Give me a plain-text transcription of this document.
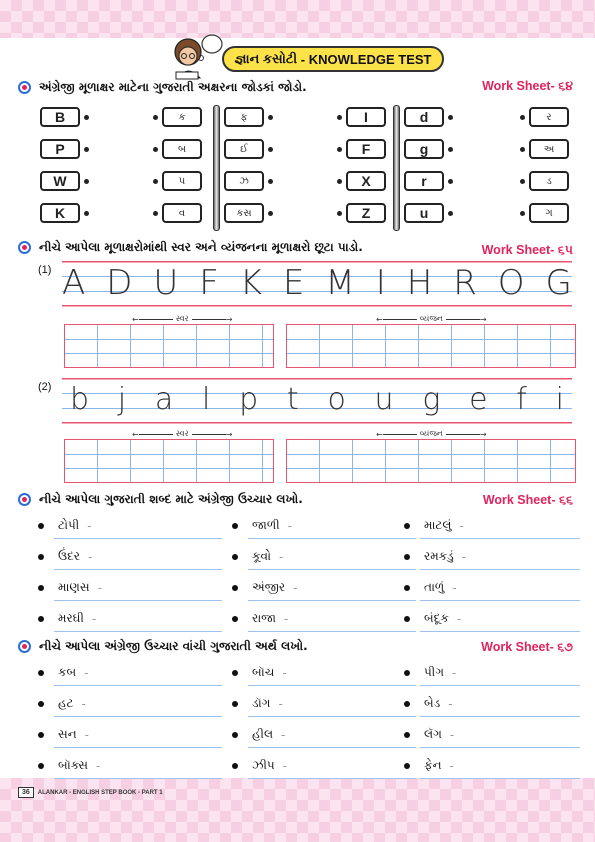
જ્ઞાન કસોટી
- KNOWLEDGE TEST
અંગ્રેજી મૂળાક્ષર માટેના ગુજરાતી અક્ષરના જોડકાં જોડો.	Work Sheet- ૬૪
B
P
W
K
ક
બ
પ
વ
ફ
ઈ
ઝ
કસ
I
F
X
Z
d
g
r
u
ર
અ
ડ
ગ
નીચે આપેલા મૂળાક્ષરોમાંથી સ્વર અને વ્યંજનના મૂળાક્ષરો છૂટા પાડો.	Work Sheet- ૬૫
(1) A D U F K E M I H R O G
←	સ્વર	→	←	વ્યંજન	→
(2) b j a l p t o u g e f i
←	સ્વર	→	←	વ્યંજન	→
નીચે આપેલા ગુજરાતી શબ્દ માટે અંગ્રેજી ઉચ્ચાર લખો.	Work Sheet- ૬૬
ટોપી -
ઉંદર -
માણસ -
મરઘી -
જાળી -
કૂવો -
અંજીર -
રાજા -
માટલું -
રમકડું -
તાળું -
બંદૂક -
નીચે આપેલા અંગ્રેજી ઉચ્ચાર વાંચી ગુજરાતી અર્થ લખો.	Work Sheet- ૬૭
કબ -
હટ -
સન -
બૉક્સ -
બૉચ -
ડૉગ -
હીલ -
ઝીપ -
પીગ -
બેડ -
લૅગ -
ફેન -
36	ALANKAR - ENGLISH STEP BOOK - PART 1
